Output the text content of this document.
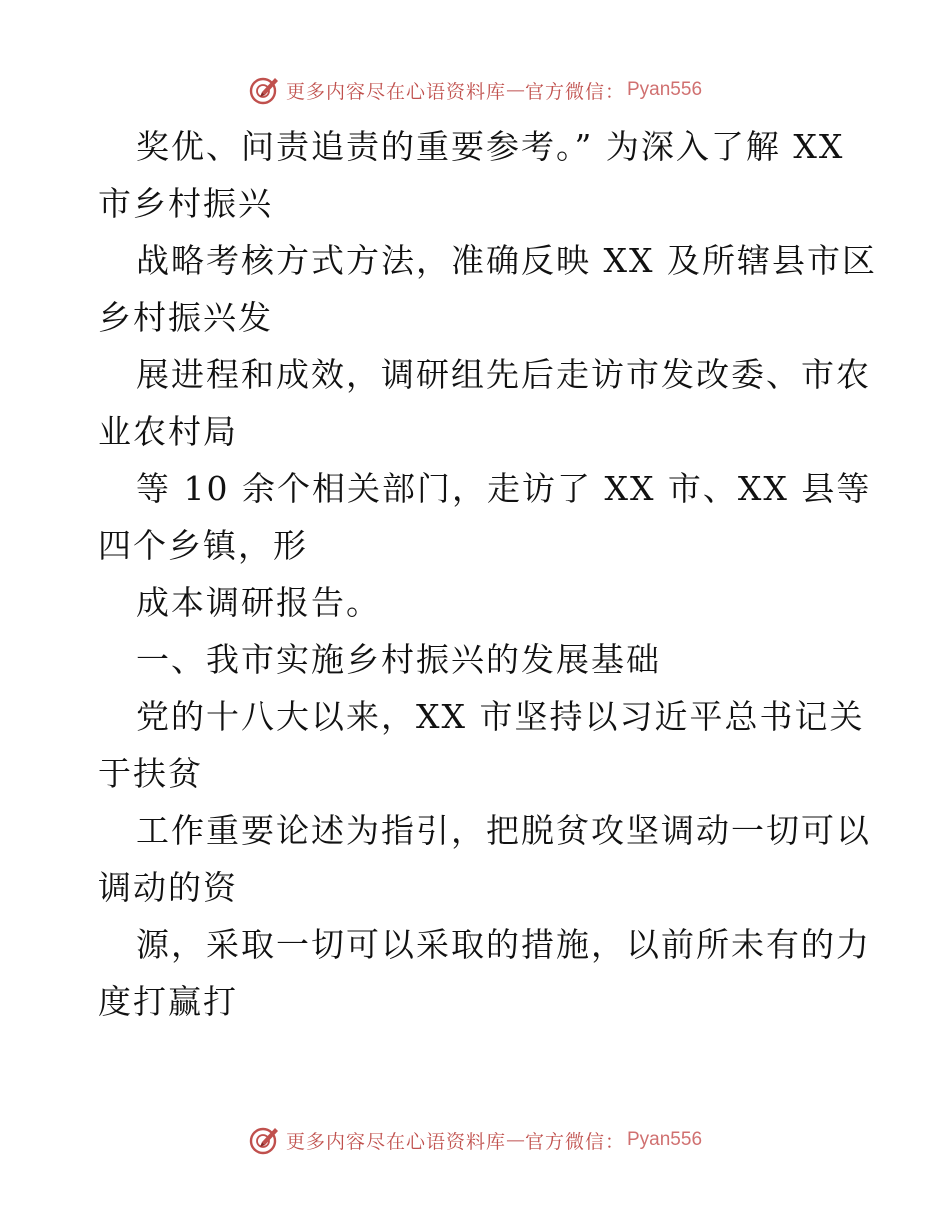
更多内容尽在心语资料库 — 官方微信： Pyan556
奖优、问责追责的重要参考。” 为深入了解 XX
市乡村振兴
战略考核方式方法，准确反映 XX 及所辖县市区
乡村振兴发
展进程和成效，调研组先后走访市发改委、市农
业农村局
等 10 余个相关部门，走访了 XX 市、XX 县等
四个乡镇，形
成本调研报告。
一、我市实施乡村振兴的发展基础
党的十八大以来，XX 市坚持以习近平总书记关
于扶贫
工作重要论述为指引，把脱贫攻坚调动一切可以
调动的资
源，采取一切可以采取的措施，以前所未有的力
度打赢打
更多内容尽在心语资料库 — 官方微信： Pyan556
